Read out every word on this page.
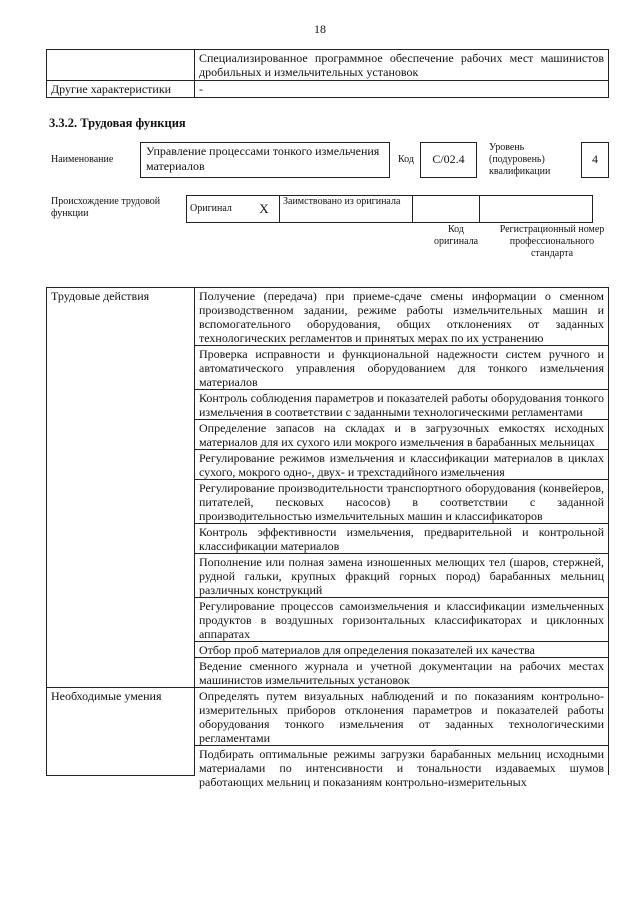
18
	Специализированное программное обеспечение рабочих мест машинистов дробильных и измельчительных установок
Другие характеристики	-
3.3.2. Трудовая функция
Наименование
Управление процессами тонкого измельчения материалов	Код	С/02.4
Уровень (подуровень) квалификации
4
Происхождение трудовой функции	Оригинал	Х	Заимствовано из оригинала		
Код оригинала
Регистрационный номер профессионального стандарта
Трудовые действия	Получение (передача) при приеме-сдаче смены информации о сменном производственном задании, режиме работы измельчительных машин и вспомогательного оборудования, общих отклонениях от заданных технологических регламентов и принятых мерах по их устранению
	Проверка исправности и функциональной надежности систем ручного и автоматического управления оборудованием для тонкого измельчения материалов
	Контроль соблюдения параметров и показателей работы оборудования тонкого измельчения в соответствии с заданными технологическими регламентами
	Определение запасов на складах и в загрузочных емкостях исходных материалов для их сухого или мокрого измельчения в барабанных мельницах
	Регулирование режимов измельчения и классификации материалов в циклах сухого, мокрого одно-, двух- и трехстадийного измельчения
	Регулирование производительности транспортного оборудования (конвейеров, питателей, песковых насосов) в соответствии с заданной производительностью измельчительных машин и классификаторов
	Контроль эффективности измельчения, предварительной и контрольной классификации материалов
	Пополнение или полная замена изношенных мелющих тел (шаров, стержней, рудной гальки, крупных фракций горных пород) барабанных мельниц различных конструкций
	Регулирование процессов самоизмельчения и классификации измельченных продуктов в воздушных горизонтальных классификаторах и циклонных аппаратах
	Отбор проб материалов для определения показателей их качества
	Ведение сменного журнала и учетной документации на рабочих местах машинистов измельчительных установок
Необходимые умения	Определять путем визуальных наблюдений и по показаниям контрольно-измерительных приборов отклонения параметров и показателей работы оборудования тонкого измельчения от заданных технологическими регламентами

	Подбирать оптимальные режимы загрузки барабанных мельниц исходными материалами по интенсивности и тональности издаваемых шумов работающих мельниц и показаниям контрольно-измерительных
